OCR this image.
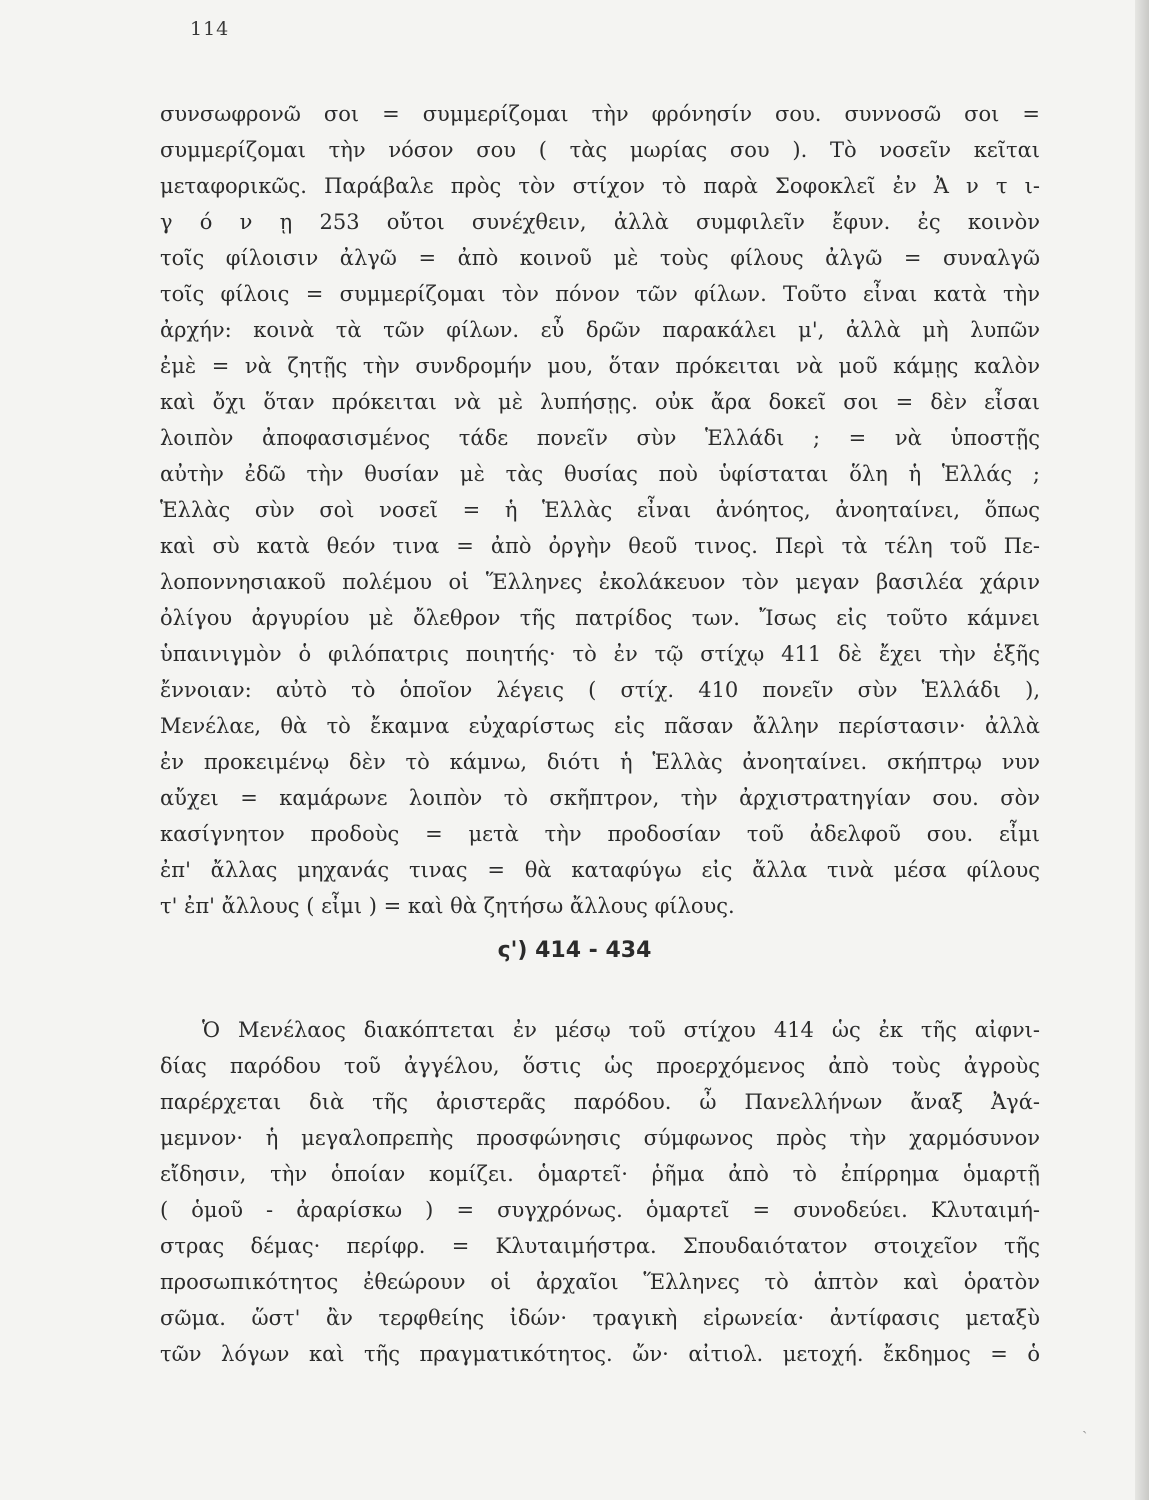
114
συνσωφρονῶ σοι = συμμερίζομαι τὴν φρόνησίν σου. συννοσῶ σοι =
συμμερίζομαι τὴν νόσον σου ( τὰς μωρίας σου ). Τὸ νοσεῖν κεῖται
μεταφορικῶς. Παράβαλε πρὸς τὸν στίχον τὸ παρὰ Σοφοκλεῖ ἐν Ἀ ν τ ι-
γ ό ν ῃ 253 οὔτοι συνέχθειν, ἀλλὰ συμφιλεῖν ἔφυν. ἐς κοινὸν
τοῖς φίλοισιν ἀλγῶ = ἀπὸ κοινοῦ μὲ τοὺς φίλους ἀλγῶ = συναλγῶ
τοῖς φίλοις = συμμερίζομαι τὸν πόνον τῶν φίλων. Τοῦτο εἶναι κατὰ τὴν
ἀρχήν: κοινὰ τὰ τῶν φίλων. εὖ δρῶν παρακάλει μ', ἀλλὰ μὴ λυπῶν
ἐμὲ = νὰ ζητῇς τὴν συνδρομήν μου, ὅταν πρόκειται νὰ μοῦ κάμῃς καλὸν
καὶ ὄχι ὅταν πρόκειται νὰ μὲ λυπήσῃς. οὐκ ἄρα δοκεῖ σοι = δὲν εἶσαι
λοιπὸν ἀποφασισμένος τάδε πονεῖν σὺν Ἑλλάδι ; = νὰ ὑποστῇς
αὐτὴν ἐδῶ τὴν θυσίαν μὲ τὰς θυσίας ποὺ ὑφίσταται ὅλη ἡ Ἑλλάς ;
Ἑλλὰς σὺν σοὶ νοσεῖ = ἡ Ἑλλὰς εἶναι ἀνόητος, ἀνοηταίνει, ὅπως
καὶ σὺ κατὰ θεόν τινα = ἀπὸ ὀργὴν θεοῦ τινος. Περὶ τὰ τέλη τοῦ Πε-
λοποννησιακοῦ πολέμου οἱ Ἕλληνες ἐκολάκευον τὸν μεγαν βασιλέα χάριν
ὀλίγου ἀργυρίου μὲ ὄλεθρον τῆς πατρίδος των. Ἴσως εἰς τοῦτο κάμνει
ὑπαινιγμὸν ὁ φιλόπατρις ποιητής· τὸ ἐν τῷ στίχῳ 411 δὲ ἔχει τὴν ἑξῆς
ἔννοιαν: αὐτὸ τὸ ὁποῖον λέγεις ( στίχ. 410 πονεῖν σὺν Ἑλλάδι ),
Μενέλαε, θὰ τὸ ἔκαμνα εὐχαρίστως εἰς πᾶσαν ἄλλην περίστασιν· ἀλλὰ
ἐν προκειμένῳ δὲν τὸ κάμνω, διότι ἡ Ἑλλὰς ἀνοηταίνει. σκήπτρῳ νυν
αὔχει = καμάρωνε λοιπὸν τὸ σκῆπτρον, τὴν ἀρχιστρατηγίαν σου. σὸν
κασίγνητον προδοὺς = μετὰ τὴν προδοσίαν τοῦ ἀδελφοῦ σου. εἶμι
ἐπ' ἄλλας μηχανάς τινας = θὰ καταφύγω εἰς ἄλλα τινὰ μέσα φίλους
τ' ἐπ' ἄλλους ( εἶμι ) = καὶ θὰ ζητήσω ἄλλους φίλους.
ς') 414 - 434
Ὁ Μενέλαος διακόπτεται ἐν μέσῳ τοῦ στίχου 414 ὡς ἐκ τῆς αἰφνι-
δίας παρόδου τοῦ ἀγγέλου, ὅστις ὡς προερχόμενος ἀπὸ τοὺς ἀγροὺς
παρέρχεται διὰ τῆς ἀριστερᾶς παρόδου. ὦ Πανελλήνων ἄναξ Ἀγά-
μεμνον· ἡ μεγαλοπρεπὴς προσφώνησις σύμφωνος πρὸς τὴν χαρμόσυνον
εἴδησιν, τὴν ὁποίαν κομίζει. ὁμαρτεῖ· ῥῆμα ἀπὸ τὸ ἐπίρρημα ὁμαρτῇ
( ὁμοῦ - ἀραρίσκω ) = συγχρόνως. ὁμαρτεῖ = συνοδεύει. Κλυταιμή-
στρας δέμας· περίφρ. = Κλυταιμήστρα. Σπουδαιότατον στοιχεῖον τῆς
προσωπικότητος ἐθεώρουν οἱ ἀρχαῖοι Ἕλληνες τὸ ἁπτὸν καὶ ὁρατὸν
σῶμα. ὥστ' ἂν τερφθείης ἰδών· τραγικὴ εἰρωνεία· ἀντίφασις μεταξὺ
τῶν λόγων καὶ τῆς πραγματικότητος. ὤν· αἰτιολ. μετοχή. ἔκδημος = ὁ
ˎ
